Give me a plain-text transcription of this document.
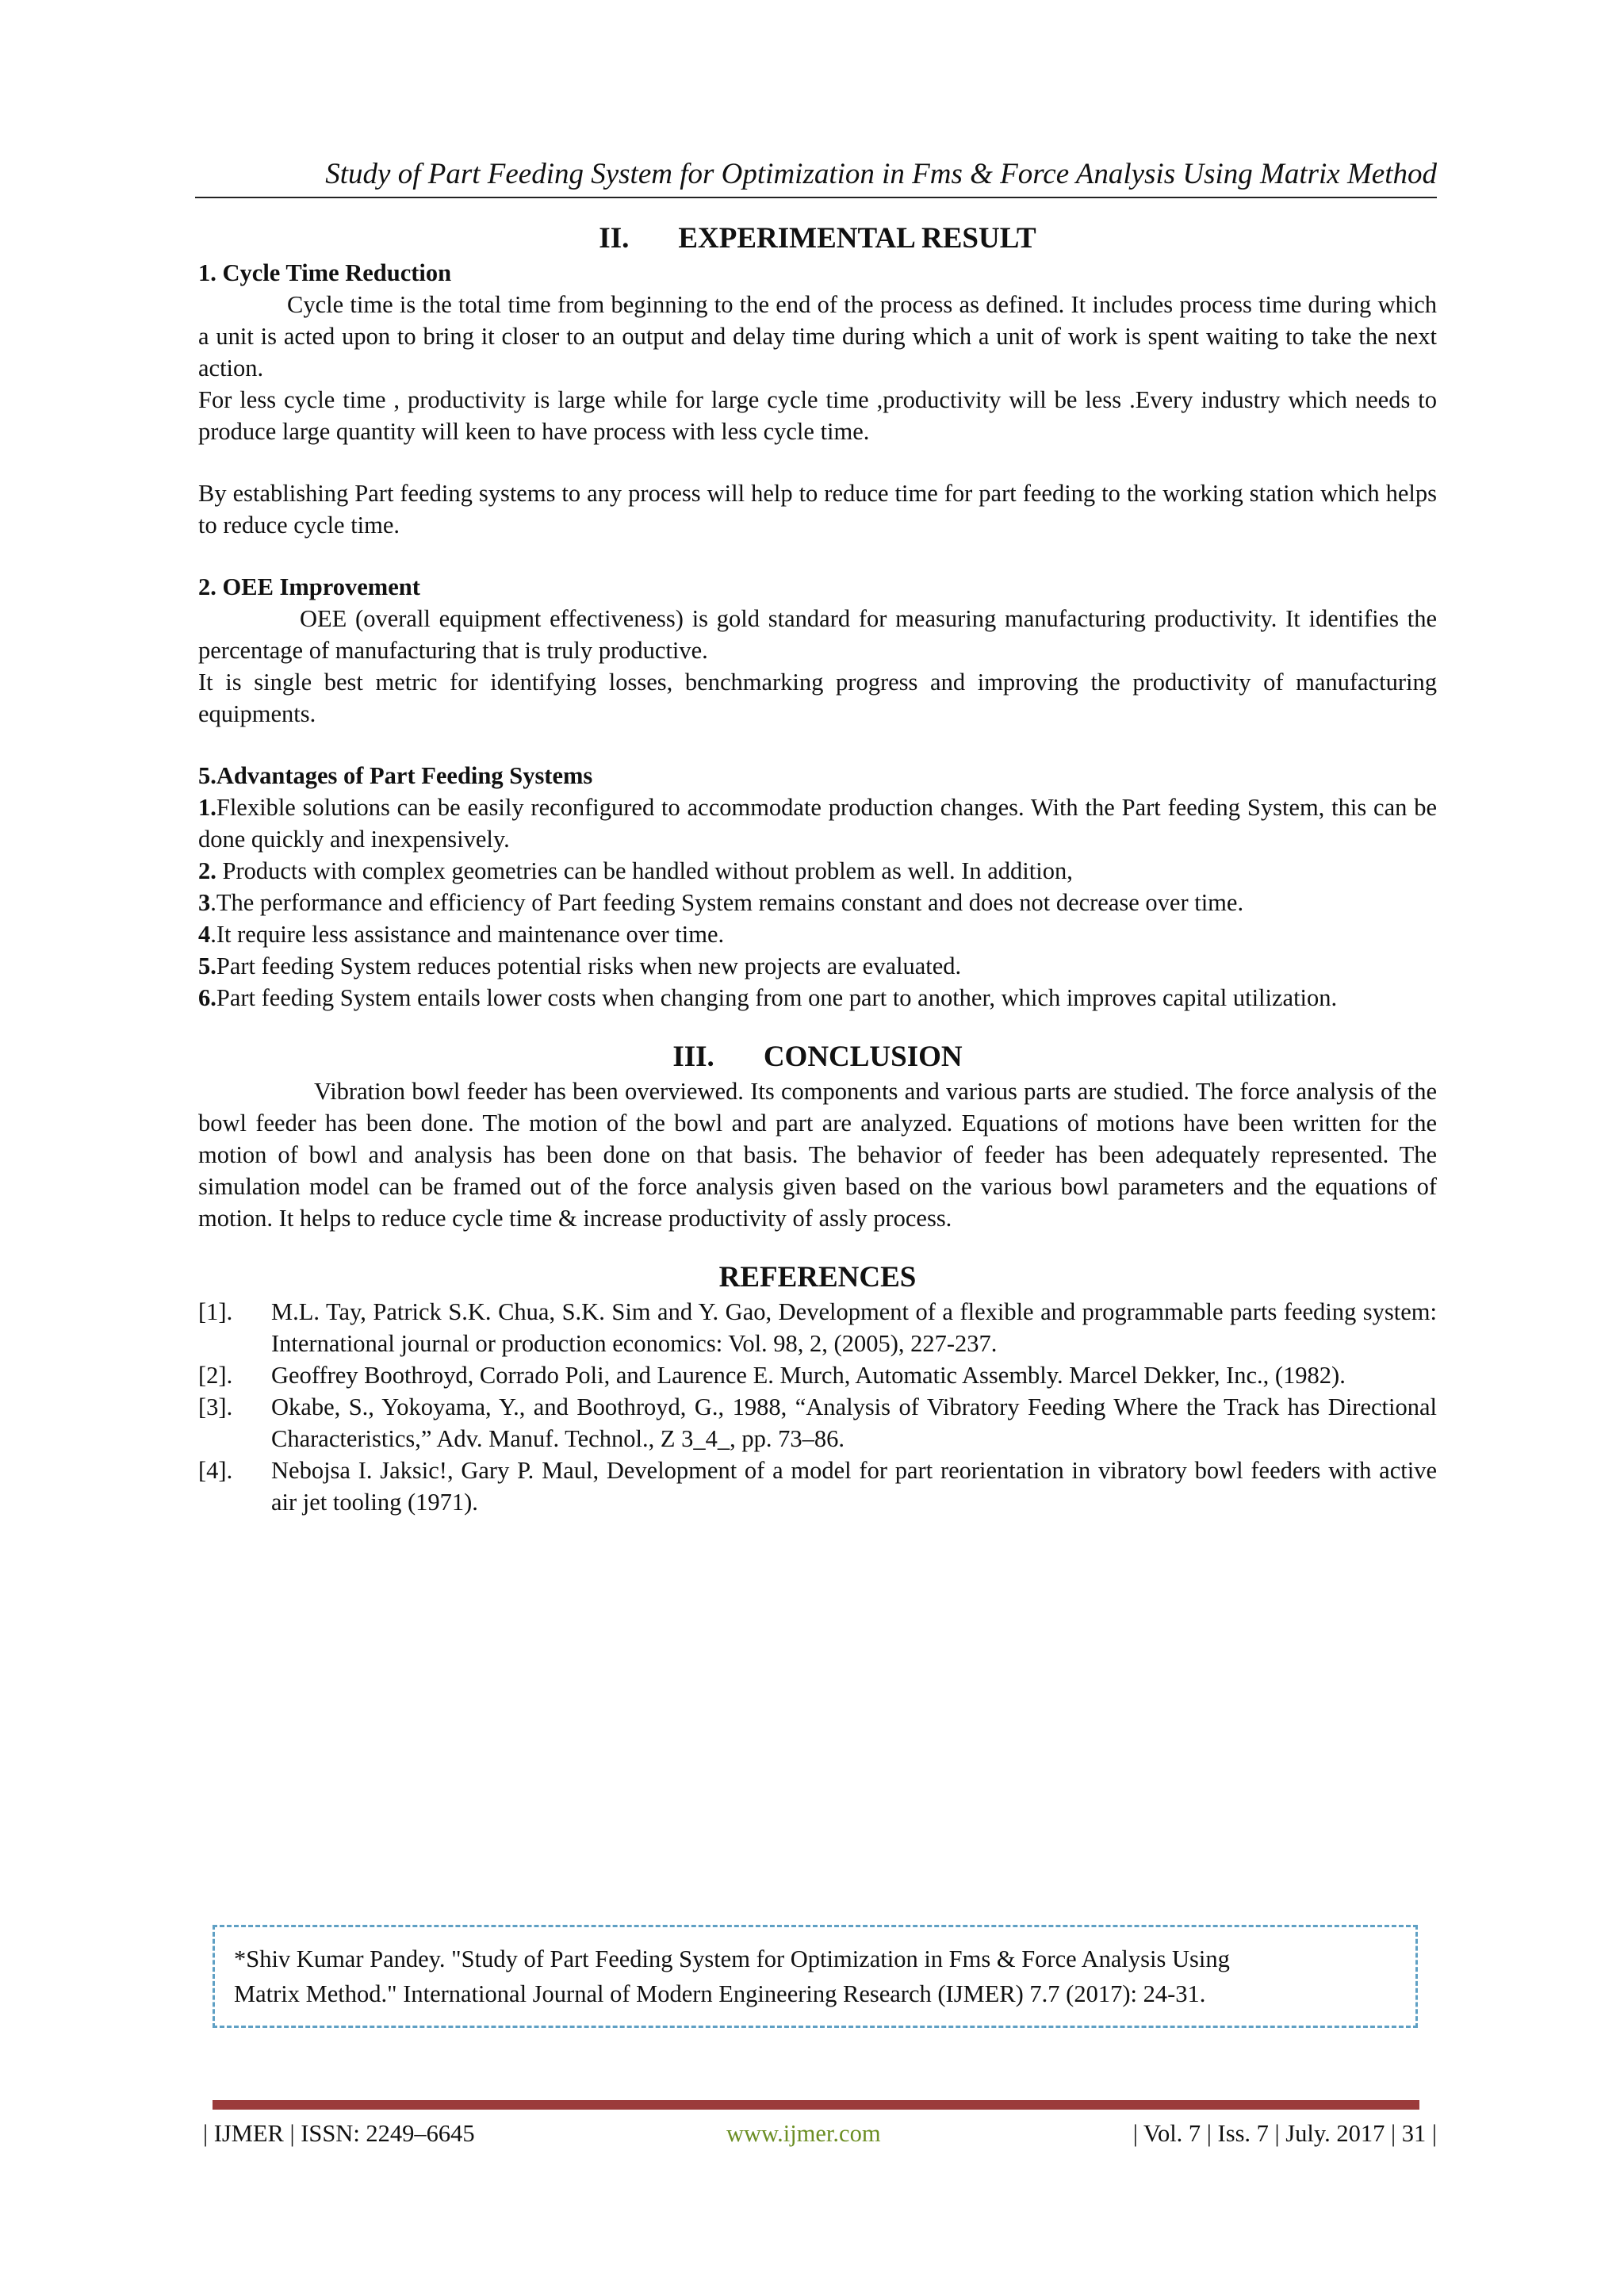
Study of Part Feeding System for Optimization in Fms & Force Analysis Using Matrix Method
II. EXPERIMENTAL RESULT

1. Cycle Time Reduction

Cycle time is the total time from beginning to the end of the process as defined. It includes process time during which a unit is acted upon to bring it closer to an output and delay time during which a unit of work is spent waiting to take the next action.

For less cycle time , productivity is large while for large cycle time ,productivity will be less .Every industry which needs to produce large quantity will keen to have process with less cycle time.

By establishing Part feeding systems to any process will help to reduce time for part feeding to the working station which helps to reduce cycle time.

2. OEE Improvement

OEE (overall equipment effectiveness) is gold standard for measuring manufacturing productivity. It identifies the percentage of manufacturing that is truly productive.

It is single best metric for identifying losses, benchmarking progress and improving the productivity of manufacturing equipments.

5.Advantages of Part Feeding Systems

1.Flexible solutions can be easily reconfigured to accommodate production changes. With the Part feeding System, this can be done quickly and inexpensively.

2. Products with complex geometries can be handled without problem as well. In addition,

3.The performance and efficiency of Part feeding System remains constant and does not decrease over time.

4.It require less assistance and maintenance over time.

5.Part feeding System reduces potential risks when new projects are evaluated.

6.Part feeding System entails lower costs when changing from one part to another, which improves capital utilization.

III. CONCLUSION

Vibration bowl feeder has been overviewed. Its components and various parts are studied. The force analysis of the bowl feeder has been done. The motion of the bowl and part are analyzed. Equations of motions have been written for the motion of bowl and analysis has been done on that basis. The behavior of feeder has been adequately represented. The simulation model can be framed out of the force analysis given based on the various bowl parameters and the equations of motion. It helps to reduce cycle time & increase productivity of assly process.

REFERENCES
[1]. M.L. Tay, Patrick S.K. Chua, S.K. Sim and Y. Gao, Development of a flexible and programmable parts feeding system: International journal or production economics: Vol. 98, 2, (2005), 227-237.
[2]. Geoffrey Boothroyd, Corrado Poli, and Laurence E. Murch, Automatic Assembly. Marcel Dekker, Inc., (1982).
[3]. Okabe, S., Yokoyama, Y., and Boothroyd, G., 1988, “Analysis of Vibratory Feeding Where the Track has Directional Characteristics,” Adv. Manuf. Technol., Z 3_4_, pp. 73–86.
[4]. Nebojsa I. Jaksic!, Gary P. Maul, Development of a model for part reorientation in vibratory bowl feeders with active air jet tooling (1971).
*Shiv Kumar Pandey. "Study of Part Feeding System for Optimization in Fms & Force Analysis Using
Matrix Method." International Journal of Modern Engineering Research (IJMER) 7.7 (2017): 24-31.
| IJMER | ISSN: 2249–6645	www.ijmer.com	| Vol. 7 | Iss. 7 | July. 2017 | 31 |
